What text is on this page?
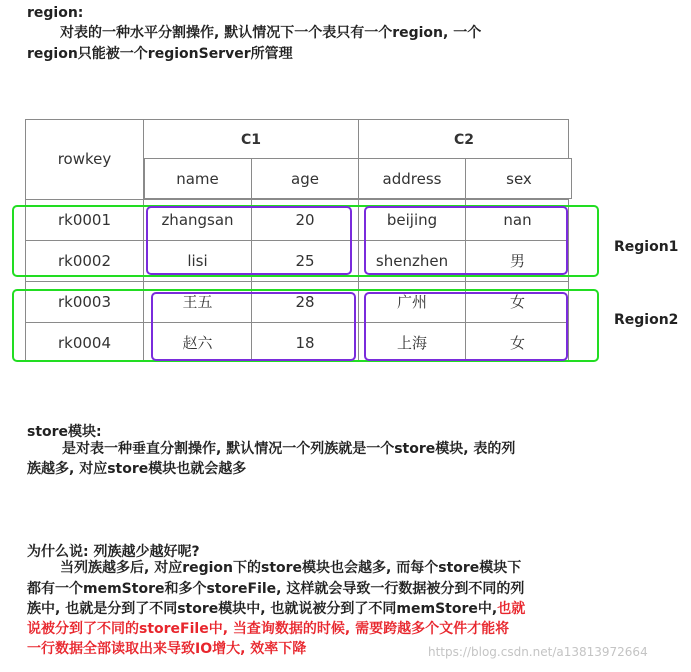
region:
对表的一种水平分割操作, 默认情况下一个表只有一个region, 一个
region只能被一个regionServer所管理
rowkey
C1	C2
name	age	address	sex
rk0001	zhangsan	20	beijing	nan
rk0002	lisi	25	shenzhen	男
rk0003	王五	28	广州	女
rk0004	赵六	18	上海	女
Region1
Region2
store模块:
是对表一种垂直分割操作, 默认情况一个列族就是一个store模块, 表的列
族越多, 对应store模块也就会越多
为什么说: 列族越少越好呢?
当列族越多后, 对应region下的store模块也会越多, 而每个store模块下
都有一个memStore和多个storeFile, 这样就会导致一行数据被分到不同的列
族中, 也就是分到了不同store模块中, 也就说被分到了不同memStore中,也就
说被分到了不同的storeFile中, 当查询数据的时候, 需要跨越多个文件才能将
一行数据全部读取出来导致IO增大, 效率下降	https://blog.csdn.net/a13813972664
